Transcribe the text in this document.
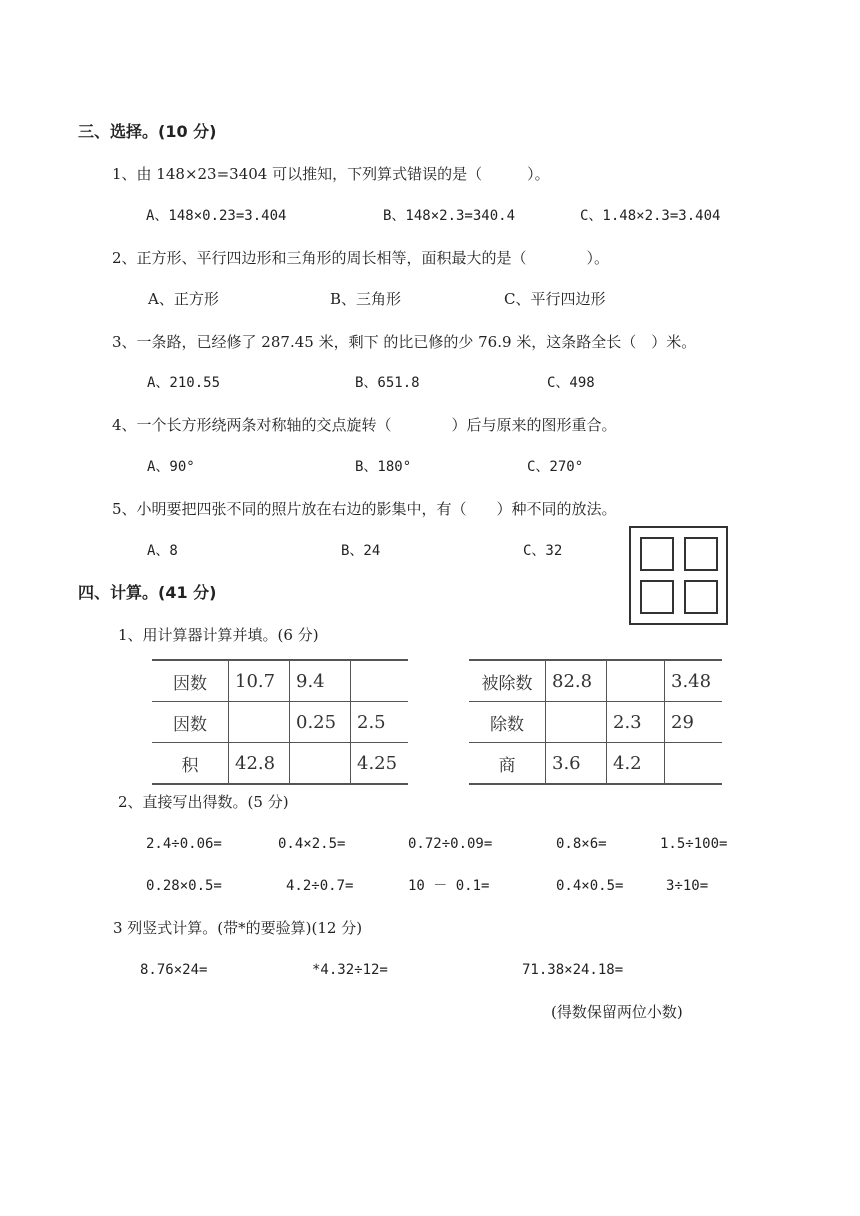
三、选择。(10 分)
1、由 148×23=3404 可以推知，下列算式错误的是（　　　）。
A、148×0.23=3.404	B、148×2.3=340.4	C、1.48×2.3=3.404
2、正方形、平行四边形和三角形的周长相等，面积最大的是（　　　　）。
A、正方形	B、三角形	C、平行四边形
3、一条路，已经修了 287.45 米，剩下 的比已修的少 76.9 米，这条路全长（　）米。
A、210.55	B、651.8	C、498
4、一个长方形绕两条对称轴的交点旋转（　　　　）后与原来的图形重合。
A、90°	B、180°	C、270°
5、小明要把四张不同的照片放在右边的影集中，有（　　）种不同的放法。
A、8	B、24	C、32
四、计算。(41 分)
1、用计算器计算并填。(6 分)
因数	10.7	9.4	
因数		0.25	2.5
积	42.8		4.25
被除数	82.8		3.48
除数		2.3	29
商	3.6	4.2	
2、直接写出得数。(5 分)
2.4÷0.06=	0.4×2.5=	0.72÷0.09=	0.8×6=	1.5÷100=
0.28×0.5=	4.2÷0.7=	10 － 0.1=	0.4×0.5=	3÷10=
3 列竖式计算。(带*的要验算)(12 分)
8.76×24=	*4.32÷12=	71.38×24.18=
(得数保留两位小数)
